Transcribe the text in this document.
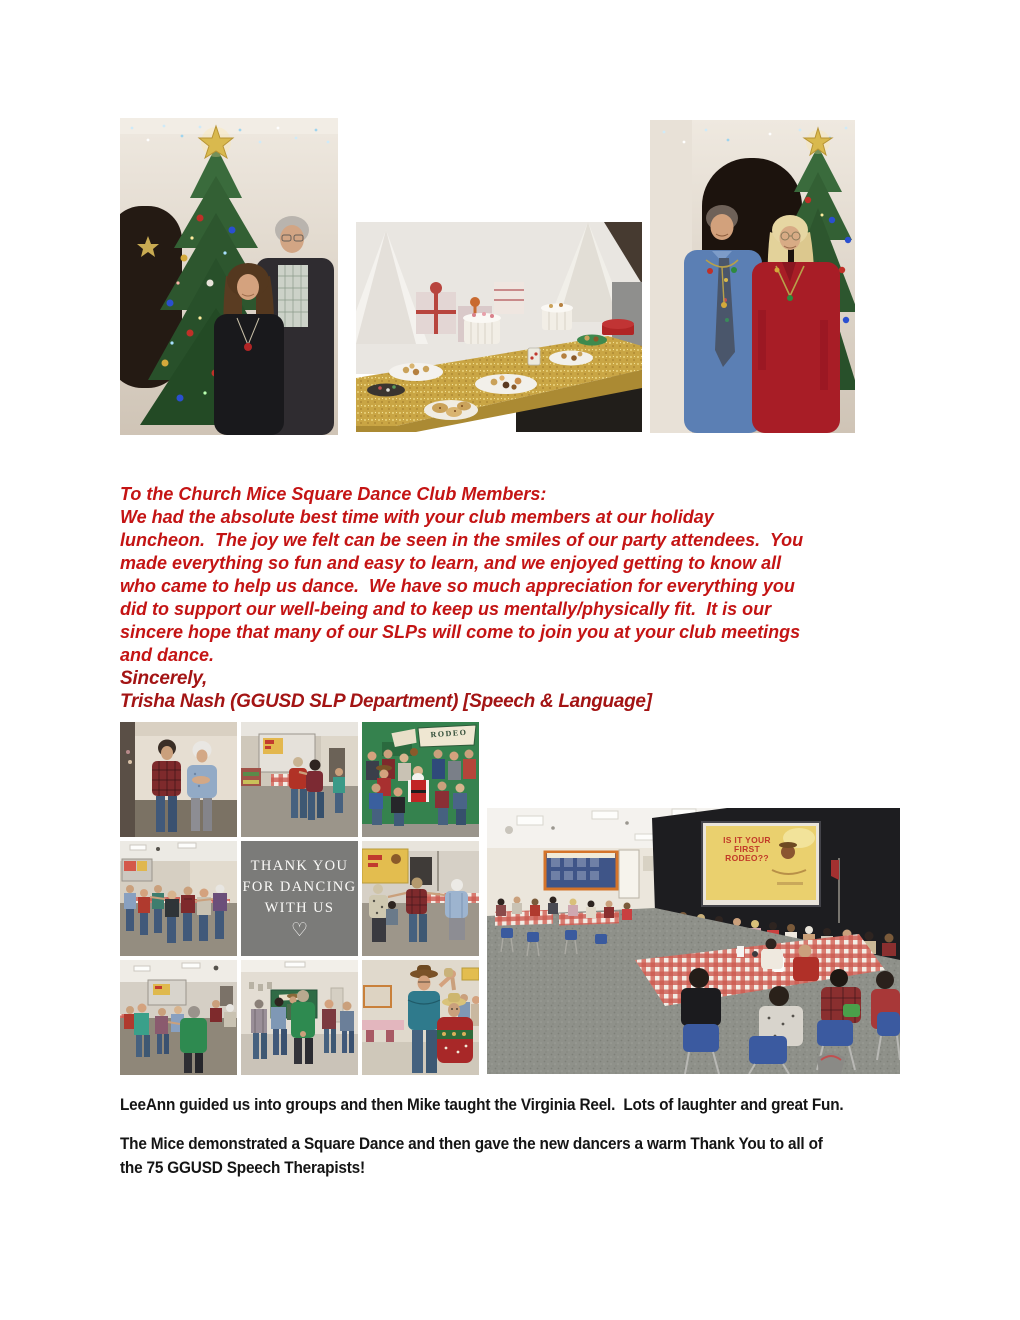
To the Church Mice Square Dance Club Members:
We had the absolute best time with your club members at our holiday
luncheon.  The joy we felt can be seen in the smiles of our party attendees.  You
made everything so fun and easy to learn, and we enjoyed getting to know all
who came to help us dance.  We have so much appreciation for everything you
did to support our well-being and to keep us mentally/physically fit.  It is our
sincere hope that many of our SLPs will come to join you at your club meetings
and dance.
Sincerely,
Trisha Nash (GGUSD SLP Department) [Speech & Language]
RODEO
THANK YOU
FOR DANCING
WITH US
♡
IS IT YOUR FIRST RODEO??
LeeAnn guided us into groups and then Mike taught the Virginia Reel.  Lots of laughter and great Fun.
The Mice demonstrated a Square Dance and then gave the new dancers a warm Thank You to all of
the 75 GGUSD Speech Therapists!
